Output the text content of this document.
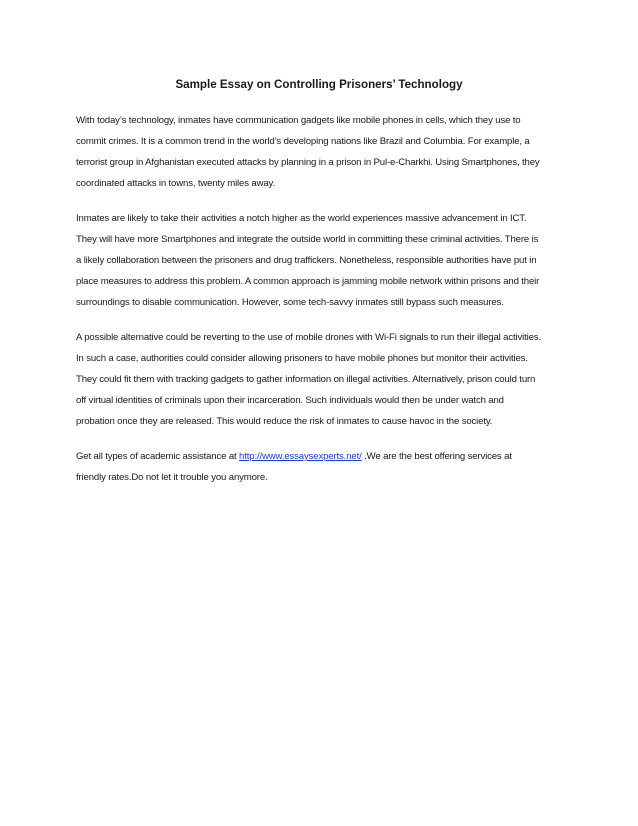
Sample Essay on Controlling Prisoners’ Technology

With today’s technology, inmates have communication gadgets like mobile phones in cells, which they use to
commit crimes. It is a common trend in the world’s developing nations like Brazil and Columbia. For example, a
terrorist group in Afghanistan executed attacks by planning in a prison in Pul-e-Charkhi. Using Smartphones, they
coordinated attacks in towns, twenty miles away.

Inmates are likely to take their activities a notch higher as the world experiences massive advancement in ICT.
They will have more Smartphones and integrate the outside world in committing these criminal activities. There is
a likely collaboration between the prisoners and drug traffickers. Nonetheless, responsible authorities have put in
place measures to address this problem. A common approach is jamming mobile network within prisons and their
surroundings to disable communication. However, some tech-savvy inmates still bypass such measures.

A possible alternative could be reverting to the use of mobile drones with Wi-Fi signals to run their illegal activities.
In such a case, authorities could consider allowing prisoners to have mobile phones but monitor their activities.
They could fit them with tracking gadgets to gather information on illegal activities. Alternatively, prison could turn
off virtual identities of criminals upon their incarceration. Such individuals would then be under watch and
probation once they are released. This would reduce the risk of inmates to cause havoc in the society.

Get all types of academic assistance at http://www.essaysexperts.net/ .We are the best offering services at
friendly rates.Do not let it trouble you anymore.
